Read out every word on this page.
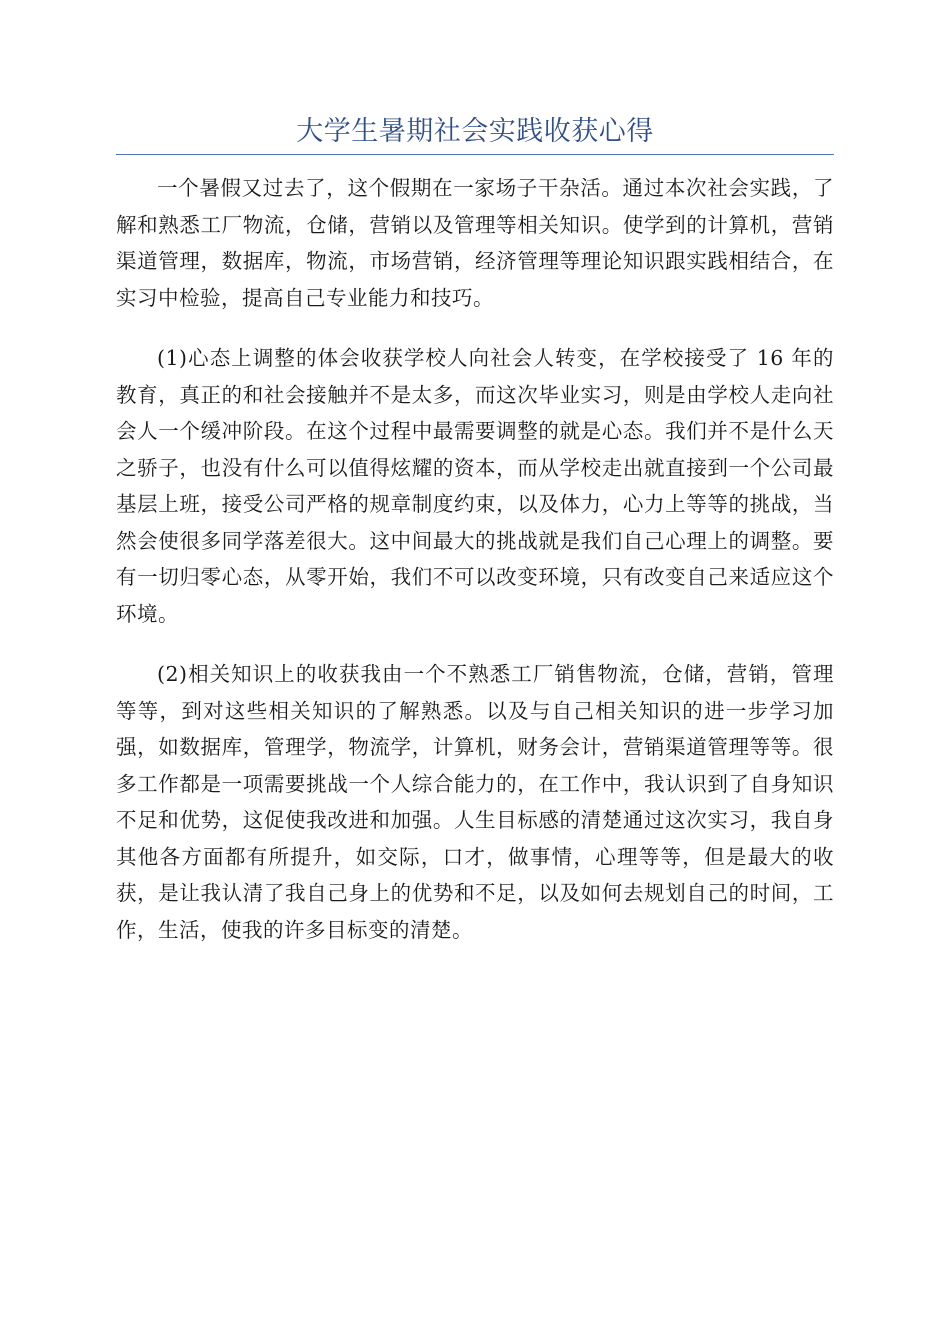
大学生暑期社会实践收获心得

一个暑假又过去了，这个假期在一家场子干杂活。通过本次社会实践，了解和熟悉工厂物流，仓储，营销以及管理等相关知识。使学到的计算机，营销渠道管理，数据库，物流，市场营销，经济管理等理论知识跟实践相结合，在实习中检验，提高自己专业能力和技巧。

(1)心态上调整的体会收获学校人向社会人转变，在学校接受了 16 年的教育，真正的和社会接触并不是太多，而这次毕业实习，则是由学校人走向社会人一个缓冲阶段。在这个过程中最需要调整的就是心态。我们并不是什么天之骄子，也没有什么可以值得炫耀的资本，而从学校走出就直接到一个公司最基层上班，接受公司严格的规章制度约束，以及体力，心力上等等的挑战，当然会使很多同学落差很大。这中间最大的挑战就是我们自己心理上的调整。要有一切归零心态，从零开始，我们不可以改变环境，只有改变自己来适应这个环境。

(2)相关知识上的收获我由一个不熟悉工厂销售物流，仓储，营销，管理等等，到对这些相关知识的了解熟悉。以及与自己相关知识的进一步学习加强，如数据库，管理学，物流学，计算机，财务会计，营销渠道管理等等。很多工作都是一项需要挑战一个人综合能力的，在工作中，我认识到了自身知识不足和优势，这促使我改进和加强。人生目标感的清楚通过这次实习，我自身其他各方面都有所提升，如交际，口才，做事情，心理等等，但是最大的收获，是让我认清了我自己身上的优势和不足，以及如何去规划自己的时间，工作，生活，使我的许多目标变的清楚。
